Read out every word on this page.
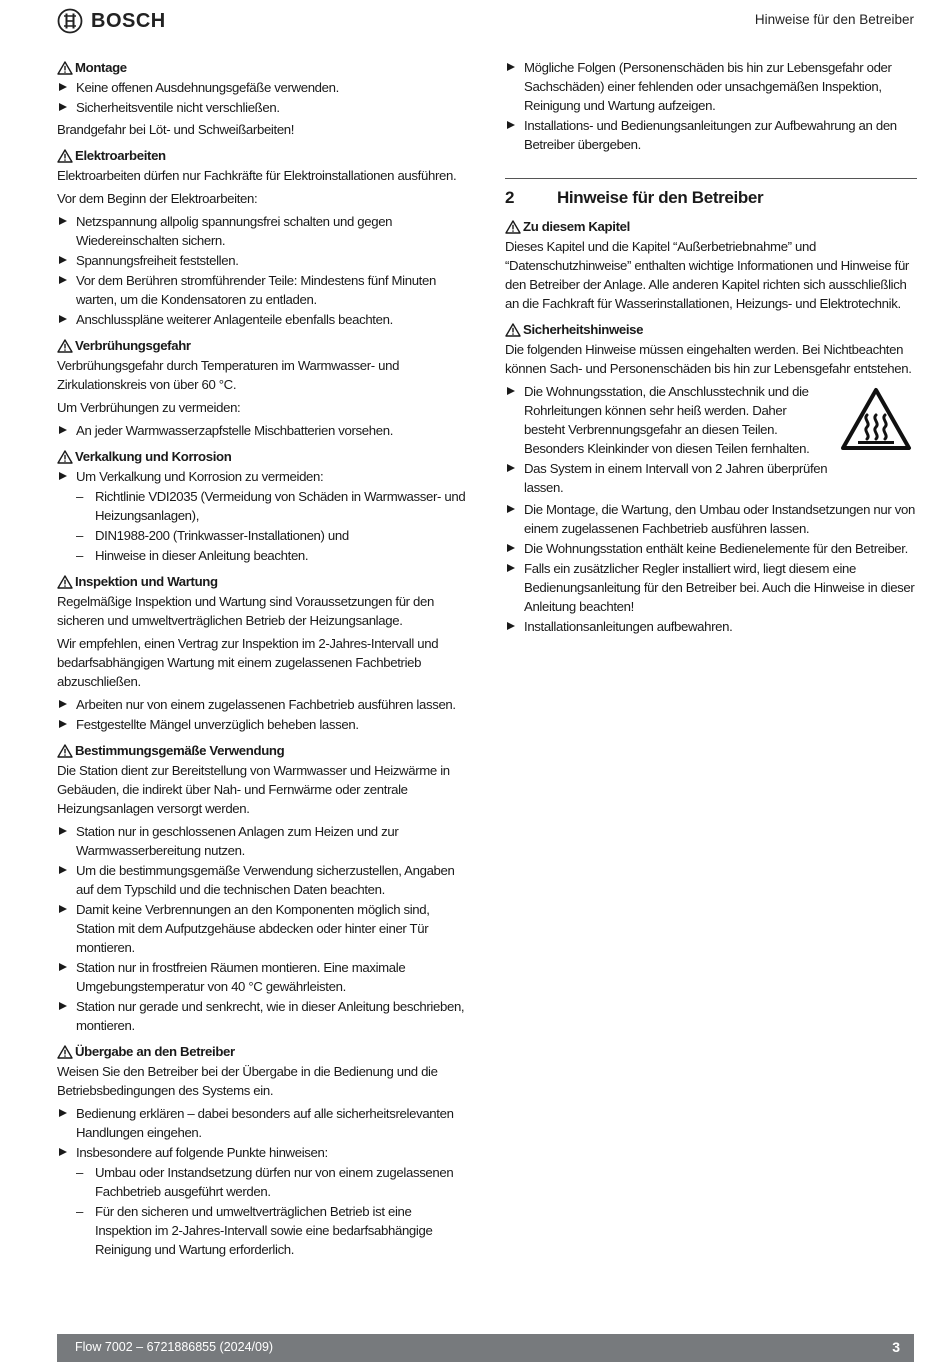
BOSCH	Hinweise für den Betreiber
Montage
Keine offenen Ausdehnungsgefäße verwenden.
Sicherheitsventile nicht verschließen.

Brandgefahr bei Löt- und Schweißarbeiten!

Elektroarbeiten

Elektroarbeiten dürfen nur Fachkräfte für Elektroinstallationen ausführen.

Vor dem Beginn der Elektroarbeiten:

Netzspannung allpolig spannungsfrei schalten und gegen Wiedereinschalten sichern.
Spannungsfreiheit feststellen.
Vor dem Berühren stromführender Teile: Mindestens fünf Minuten warten, um die Kondensatoren zu entladen.
Anschlusspläne weiterer Anlagenteile ebenfalls beachten.
Verbrühungsgefahr

Verbrühungsgefahr durch Temperaturen im Warmwasser- und Zirkulationskreis von über 60 °C.

Um Verbrühungen zu vermeiden:

An jeder Warmwasserzapfstelle Mischbatterien vorsehen.
Verkalkung und Korrosion
Um Verkalkung und Korrosion zu vermeiden:
– Richtlinie VDI2035 (Vermeidung von Schäden in Warmwasser- und Heizungsanlagen),
– DIN1988-200 (Trinkwasser-Installationen) und
– Hinweise in dieser Anleitung beachten.
Inspektion und Wartung

Regelmäßige Inspektion und Wartung sind Voraussetzungen für den sicheren und umweltverträglichen Betrieb der Heizungsanlage.

Wir empfehlen, einen Vertrag zur Inspektion im 2-Jahres-Intervall und bedarfsabhängigen Wartung mit einem zugelassenen Fachbetrieb abzuschließen.

Arbeiten nur von einem zugelassenen Fachbetrieb ausführen lassen.
Festgestellte Mängel unverzüglich beheben lassen.
Bestimmungsgemäße Verwendung

Die Station dient zur Bereitstellung von Warmwasser und Heizwärme in Gebäuden, die indirekt über Nah- und Fernwärme oder zentrale Heizungsanlagen versorgt werden.

Station nur in geschlossenen Anlagen zum Heizen und zur Warmwasserbereitung nutzen.
Um die bestimmungsgemäße Verwendung sicherzustellen, Angaben auf dem Typschild und die technischen Daten beachten.
Damit keine Verbrennungen an den Komponenten möglich sind, Station mit dem Aufputzgehäuse abdecken oder hinter einer Tür montieren.
Station nur in frostfreien Räumen montieren. Eine maximale Umgebungstemperatur von 40 °C gewährleisten.
Station nur gerade und senkrecht, wie in dieser Anleitung beschrieben, montieren.
Übergabe an den Betreiber

Weisen Sie den Betreiber bei der Übergabe in die Bedienung und die Betriebsbedingungen des Systems ein.

Bedienung erklären – dabei besonders auf alle sicherheitsrelevanten Handlungen eingehen.
Insbesondere auf folgende Punkte hinweisen:
– Umbau oder Instandsetzung dürfen nur von einem zugelassenen Fachbetrieb ausgeführt werden.
– Für den sicheren und umweltverträglichen Betrieb ist eine Inspektion im 2-Jahres-Intervall sowie eine bedarfsabhängige Reinigung und Wartung erforderlich.
Mögliche Folgen (Personenschäden bis hin zur Lebensgefahr oder Sachschäden) einer fehlenden oder unsachgemäßen Inspektion, Reinigung und Wartung aufzeigen.
Installations- und Bedienungsanleitungen zur Aufbewahrung an den Betreiber übergeben.
2	Hinweise für den Betreiber
Zu diesem Kapitel

Dieses Kapitel und die Kapitel “Außerbetriebnahme” und “Datenschutzhinweise” enthalten wichtige Informationen und Hinweise für den Betreiber der Anlage. Alle anderen Kapitel richten sich ausschließlich an die Fachkraft für Wasserinstallationen, Heizungs- und Elektrotechnik.

Sicherheitshinweise

Die folgenden Hinweise müssen eingehalten werden. Bei Nichtbeachten können Sach- und Personenschäden bis hin zur Lebensgefahr entstehen.

Die Wohnungsstation, die Anschlusstechnik und die Rohrleitungen können sehr heiß werden. Daher besteht Verbrennungsgefahr an diesen Teilen. Besonders Kleinkinder von diesen Teilen fernhalten.
Das System in einem Intervall von 2 Jahren überprüfen lassen.
Die Montage, die Wartung, den Umbau oder Instandsetzungen nur von einem zugelassenen Fachbetrieb ausführen lassen.
Die Wohnungsstation enthält keine Bedienelemente für den Betreiber.
Falls ein zusätzlicher Regler installiert wird, liegt diesem eine Bedienungsanleitung für den Betreiber bei. Auch die Hinweise in dieser Anleitung beachten!
Installationsanleitungen aufbewahren.
Flow 7002 – 6721886855 (2024/09)	3
